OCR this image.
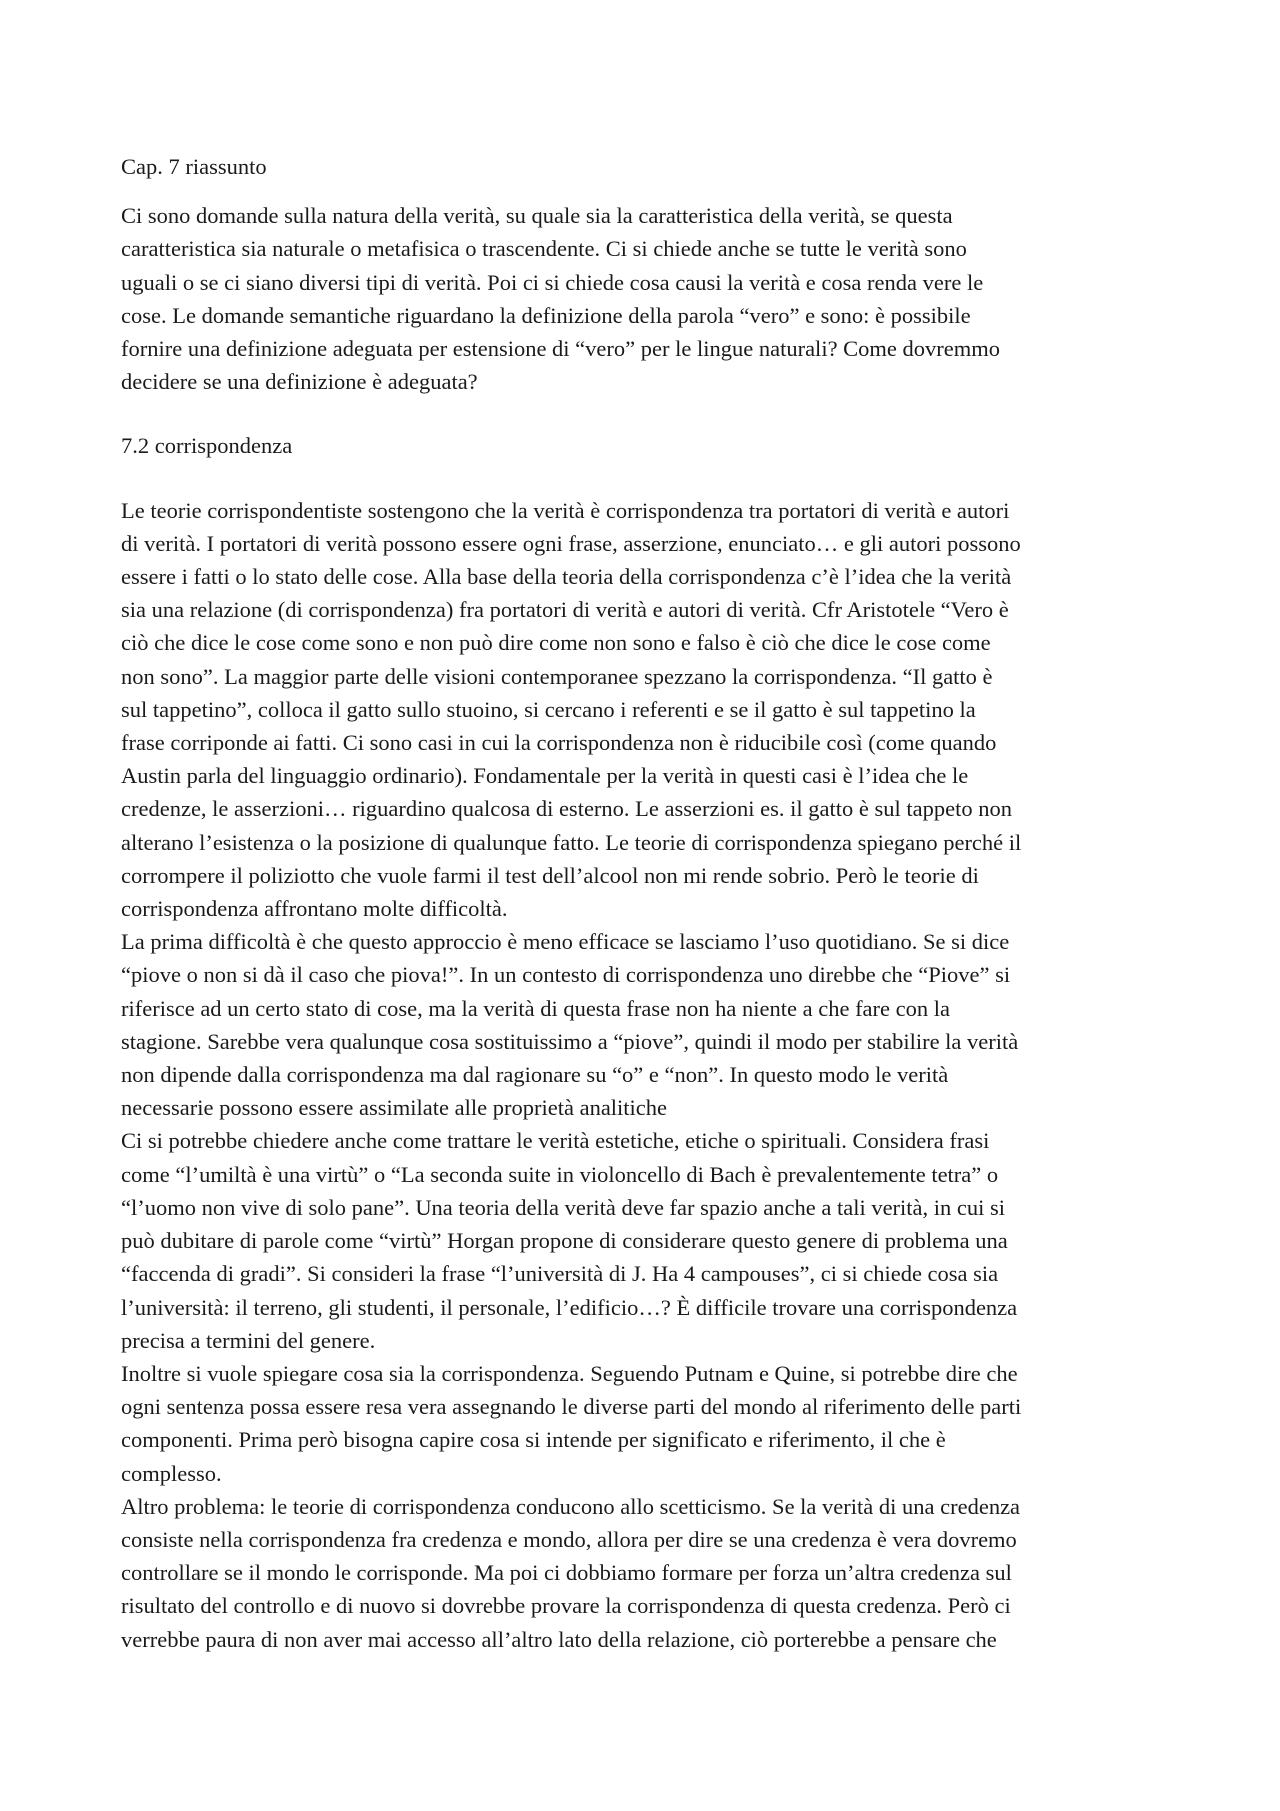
Cap. 7 riassunto

Ci sono domande sulla natura della verità, su quale sia la caratteristica della verità, se questa
caratteristica sia naturale o metafisica o trascendente. Ci si chiede anche se tutte le verità sono
uguali o se ci siano diversi tipi di verità. Poi ci si chiede cosa causi la verità e cosa renda vere le
cose. Le domande semantiche riguardano la definizione della parola “vero” e sono: è possibile
fornire una definizione adeguata per estensione di “vero” per le lingue naturali? Come dovremmo
decidere se una definizione è adeguata?

7.2 corrispondenza

Le teorie corrispondentiste sostengono che la verità è corrispondenza tra portatori di verità e autori
di verità. I portatori di verità possono essere ogni frase, asserzione, enunciato… e gli autori possono
essere i fatti o lo stato delle cose. Alla base della teoria della corrispondenza c’è l’idea che la verità
sia una relazione (di corrispondenza) fra portatori di verità e autori di verità. Cfr Aristotele “Vero è
ciò che dice le cose come sono e non può dire come non sono e falso è ciò che dice le cose come
non sono”. La maggior parte delle visioni contemporanee spezzano la corrispondenza. “Il gatto è
sul tappetino”, colloca il gatto sullo stuoino, si cercano i referenti e se il gatto è sul tappetino la
frase corriponde ai fatti. Ci sono casi in cui la corrispondenza non è riducibile così (come quando
Austin parla del linguaggio ordinario). Fondamentale per la verità in questi casi è l’idea che le
credenze, le asserzioni… riguardino qualcosa di esterno. Le asserzioni es. il gatto è sul tappeto non
alterano l’esistenza o la posizione di qualunque fatto. Le teorie di corrispondenza spiegano perché il
corrompere il poliziotto che vuole farmi il test dell’alcool non mi rende sobrio. Però le teorie di
corrispondenza affrontano molte difficoltà.

La prima difficoltà è che questo approccio è meno efficace se lasciamo l’uso quotidiano. Se si dice
“piove o non si dà il caso che piova!”. In un contesto di corrispondenza uno direbbe che “Piove” si
riferisce ad un certo stato di cose, ma la verità di questa frase non ha niente a che fare con la
stagione. Sarebbe vera qualunque cosa sostituissimo a “piove”, quindi il modo per stabilire la verità
non dipende dalla corrispondenza ma dal ragionare su “o” e “non”. In questo modo le verità
necessarie possono essere assimilate alle proprietà analitiche

Ci si potrebbe chiedere anche come trattare le verità estetiche, etiche o spirituali. Considera frasi
come “l’umiltà è una virtù” o “La seconda suite in violoncello di Bach è prevalentemente tetra” o
“l’uomo non vive di solo pane”. Una teoria della verità deve far spazio anche a tali verità, in cui si
può dubitare di parole come “virtù” Horgan propone di considerare questo genere di problema una
“faccenda di gradi”. Si consideri la frase “l’università di J. Ha 4 campouses”, ci si chiede cosa sia
l’università: il terreno, gli studenti, il personale, l’edificio…? È difficile trovare una corrispondenza
precisa a termini del genere.

Inoltre si vuole spiegare cosa sia la corrispondenza. Seguendo Putnam e Quine, si potrebbe dire che
ogni sentenza possa essere resa vera assegnando le diverse parti del mondo al riferimento delle parti
componenti. Prima però bisogna capire cosa si intende per significato e riferimento, il che è
complesso.

Altro problema: le teorie di corrispondenza conducono allo scetticismo. Se la verità di una credenza
consiste nella corrispondenza fra credenza e mondo, allora per dire se una credenza è vera dovremo
controllare se il mondo le corrisponde. Ma poi ci dobbiamo formare per forza un’altra credenza sul
risultato del controllo e di nuovo si dovrebbe provare la corrispondenza di questa credenza. Però ci
verrebbe paura di non aver mai accesso all’altro lato della relazione, ciò porterebbe a pensare che
